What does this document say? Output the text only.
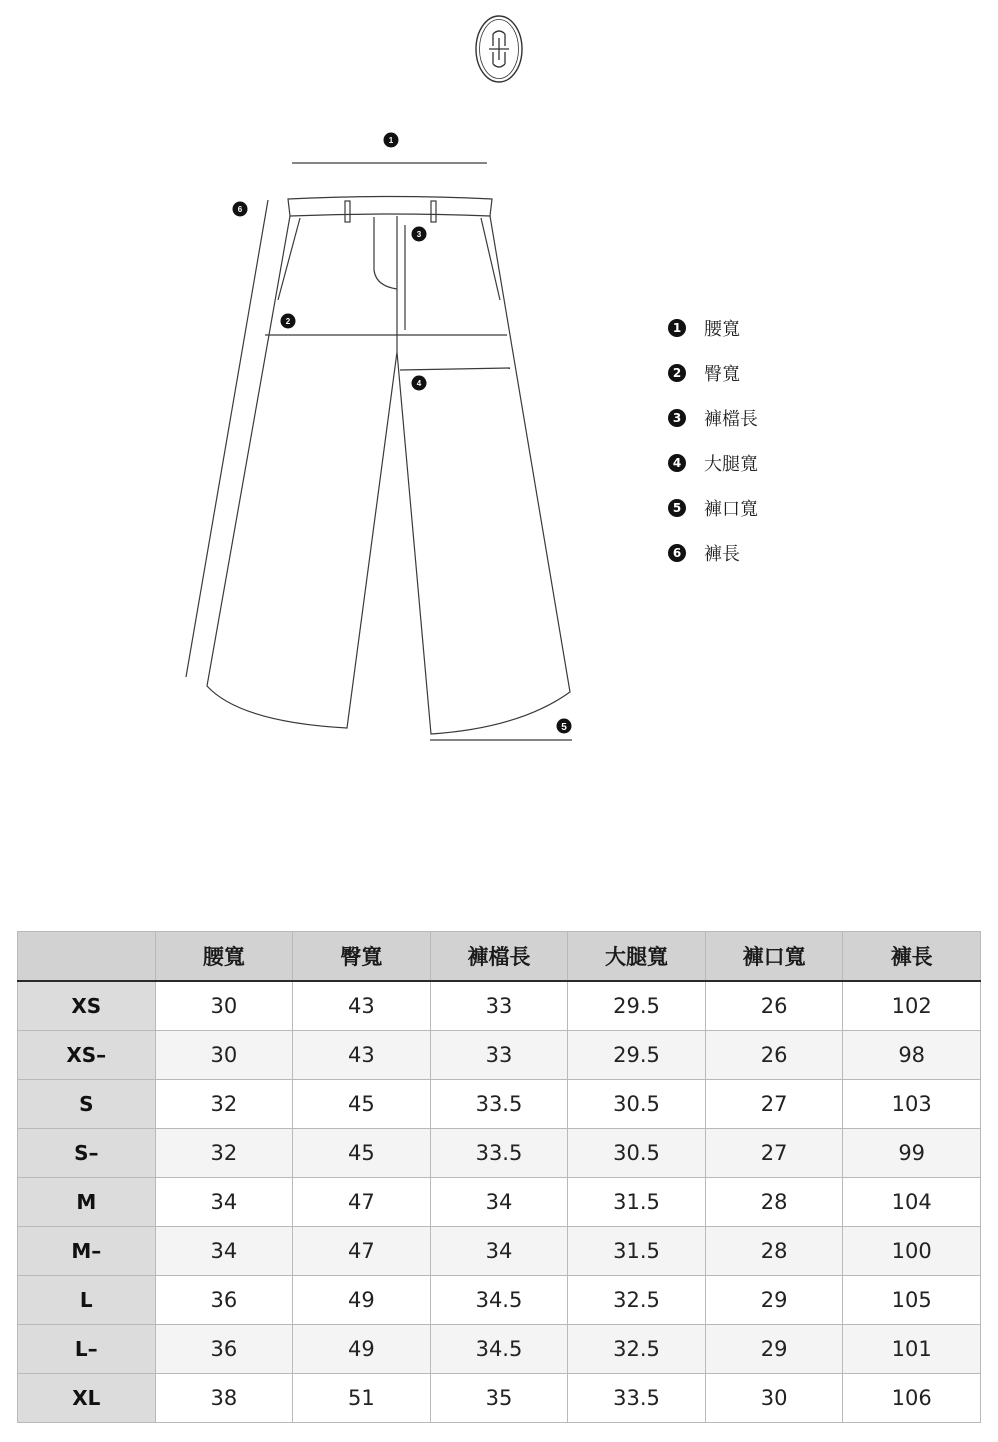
1
2
3
4
5
6
1 腰寬
2 臀寬
3 褲檔長
4 大腿寬
5 褲口寬
6 褲長
	腰寬	臀寬	褲檔長	大腿寬	褲口寬	褲長
XS	30	43	33	29.5	26	102
XS–	30	43	33	29.5	26	98
S	32	45	33.5	30.5	27	103
S–	32	45	33.5	30.5	27	99
M	34	47	34	31.5	28	104
M–	34	47	34	31.5	28	100
L	36	49	34.5	32.5	29	105
L–	36	49	34.5	32.5	29	101
XL	38	51	35	33.5	30	106
